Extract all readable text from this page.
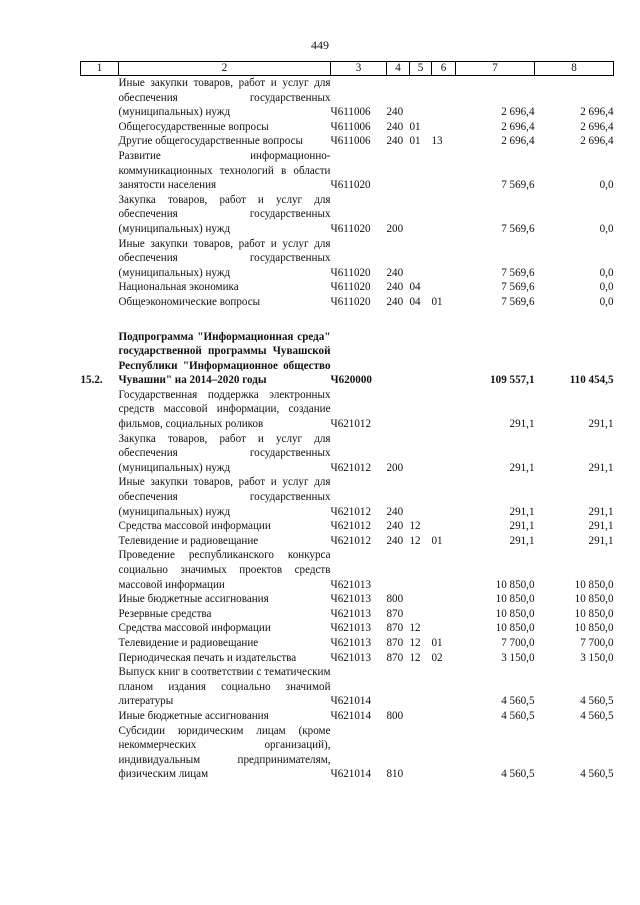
449
1	2	3	4	5	6	7	8

	Иные закупки товаров, работ и услуг для обеспечения государственных (муниципальных) нужд	Ч611006	240			2 696,4	2 696,4

	Общегосударственные вопросы	Ч611006	240	01		2 696,4	2 696,4

	Другие общегосударственные вопросы	Ч611006	240	01	13	2 696,4	2 696,4

	Развитие информационно-коммуникационных технологий в области занятости населения	Ч611020				7 569,6	0,0

	Закупка товаров, работ и услуг для обеспечения государственных (муниципальных) нужд	Ч611020	200			7 569,6	0,0

	Иные закупки товаров, работ и услуг для обеспечения государственных (муниципальных) нужд	Ч611020	240			7 569,6	0,0

	Национальная экономика	Ч611020	240	04		7 569,6	0,0

	Общеэкономические вопросы	Ч611020	240	04	01	7 569,6	0,0

15.2.	Подпрограмма "Информационная среда" государственной программы Чувашской Республики "Информационное общество Чувашии" на 2014–2020 годы	Ч620000				109 557,1	110 454,5

	Государственная поддержка электронных средств массовой информации, создание фильмов, социальных роликов	Ч621012				291,1	291,1

	Закупка товаров, работ и услуг для обеспечения государственных (муниципальных) нужд	Ч621012	200			291,1	291,1

	Иные закупки товаров, работ и услуг для обеспечения государственных (муниципальных) нужд	Ч621012	240			291,1	291,1

	Средства массовой информации	Ч621012	240	12		291,1	291,1

	Телевидение и радиовещание	Ч621012	240	12	01	291,1	291,1

	Проведение республиканского конкурса социально значимых проектов средств массовой информации	Ч621013				10 850,0	10 850,0

	Иные бюджетные ассигнования	Ч621013	800			10 850,0	10 850,0

	Резервные средства	Ч621013	870			10 850,0	10 850,0

	Средства массовой информации	Ч621013	870	12		10 850,0	10 850,0

	Телевидение и радиовещание	Ч621013	870	12	01	7 700,0	7 700,0

	Периодическая печать и издательства	Ч621013	870	12	02	3 150,0	3 150,0

	Выпуск книг в соответствии с тематическим планом издания социально значимой литературы	Ч621014				4 560,5	4 560,5

	Иные бюджетные ассигнования	Ч621014	800			4 560,5	4 560,5

	Субсидии юридическим лицам (кроме некоммерческих организаций), индивидуальным предпринимателям, физическим лицам	Ч621014	810			4 560,5	4 560,5
